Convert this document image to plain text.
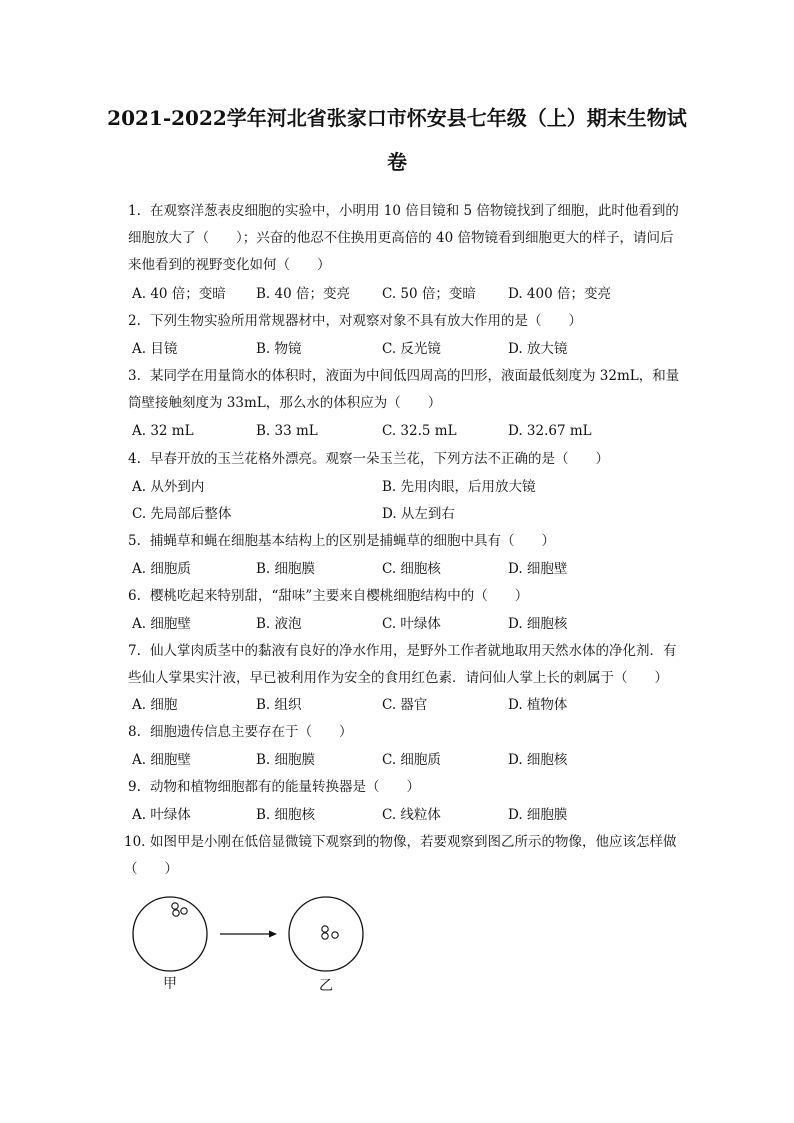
2021-2022学年河北省张家口市怀安县七年级（上）期末生物试
卷
1. 在观察洋葱表皮细胞的实验中，小明用 10 倍目镜和 5 倍物镜找到了细胞，此时他看到的
细胞放大了（　　）；兴奋的他忍不住换用更高倍的 40 倍物镜看到细胞更大的样子，请问后
来他看到的视野变化如何（　　）
A. 40 倍；变暗 B. 40 倍；变亮 C. 50 倍；变暗 D. 400 倍；变亮
2. 下列生物实验所用常规器材中，对观察对象不具有放大作用的是（　　）
A. 目镜	B. 物镜	C. 反光镜	D. 放大镜
3. 某同学在用量筒水的体积时，液面为中间低四周高的凹形，液面最低刻度为 32mL，和量
筒壁接触刻度为 33mL，那么水的体积应为（　　）
A. 32 mL	B. 33 mL	C. 32.5 mL	D. 32.67 mL
4. 早春开放的玉兰花格外漂亮。观察一朵玉兰花，下列方法不正确的是（　　）
A. 从外到内	B. 先用肉眼，后用放大镜
C. 先局部后整体	D. 从左到右
5. 捕蝇草和蝇在细胞基本结构上的区别是捕蝇草的细胞中具有（　　）
A. 细胞质	B. 细胞膜	C. 细胞核	D. 细胞壁
6. 樱桃吃起来特别甜，“甜味”主要来自樱桃细胞结构中的（　　）
A. 细胞壁	B. 液泡	C. 叶绿体	D. 细胞核
7. 仙人掌肉质茎中的黏液有良好的净水作用，是野外工作者就地取用天然水体的净化剂．有
些仙人掌果实汁液，早已被利用作为安全的食用红色素．请问仙人掌上长的刺属于（　　）
A. 细胞	B. 组织	C. 器官	D. 植物体
8. 细胞遗传信息主要存在于（　　）
A. 细胞壁	B. 细胞膜	C. 细胞质	D. 细胞核
9. 动物和植物细胞都有的能量转换器是（　　）
A. 叶绿体	B. 细胞核	C. 线粒体	D. 细胞膜
10. 如图甲是小刚在低倍显微镜下观察到的物像，若要观察到图乙所示的物像，他应该怎样做
（　　）
甲	乙
